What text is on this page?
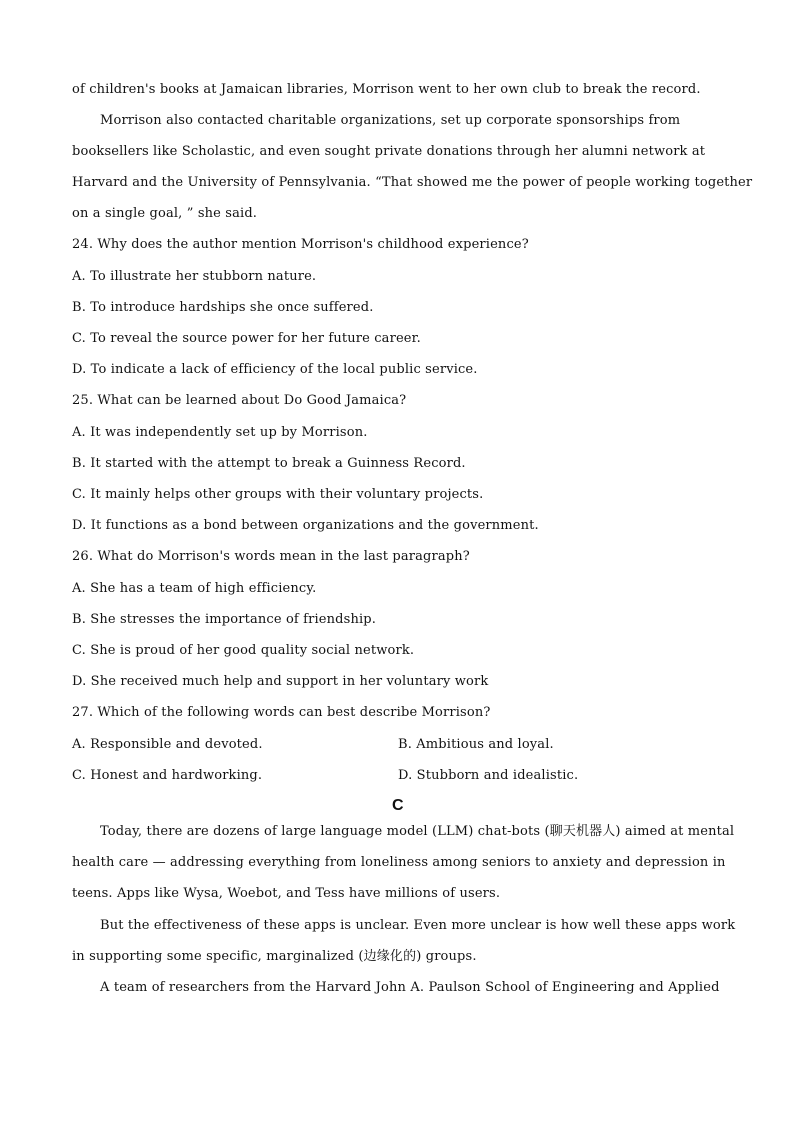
of children's books at Jamaican libraries, Morrison went to her own club to break the record.
Morrison also contacted charitable organizations, set up corporate sponsorships from
booksellers like Scholastic, and even sought private donations through her alumni network at
Harvard and the University of Pennsylvania. “That showed me the power of people working together
on a single goal, ” she said.
24. Why does the author mention Morrison's childhood experience?
A. To illustrate her stubborn nature.
B. To introduce hardships she once suffered.
C. To reveal the source power for her future career.
D. To indicate a lack of efficiency of the local public service.
25. What can be learned about Do Good Jamaica?
A. It was independently set up by Morrison.
B. It started with the attempt to break a Guinness Record.
C. It mainly helps other groups with their voluntary projects.
D. It functions as a bond between organizations and the government.
26. What do Morrison's words mean in the last paragraph?
A. She has a team of high efficiency.
B. She stresses the importance of friendship.
C. She is proud of her good quality social network.
D. She received much help and support in her voluntary work
27. Which of the following words can best describe Morrison?
A. Responsible and devoted.	B. Ambitious and loyal.
C. Honest and hardworking.	D. Stubborn and idealistic.
C
Today, there are dozens of large language model (LLM) chat-bots (聊天机器人) aimed at mental
health care — addressing everything from loneliness among seniors to anxiety and depression in
teens. Apps like Wysa, Woebot, and Tess have millions of users.
But the effectiveness of these apps is unclear. Even more unclear is how well these apps work
in supporting some specific, marginalized (边缘化的) groups.
A team of researchers from the Harvard John A. Paulson School of Engineering and Applied
